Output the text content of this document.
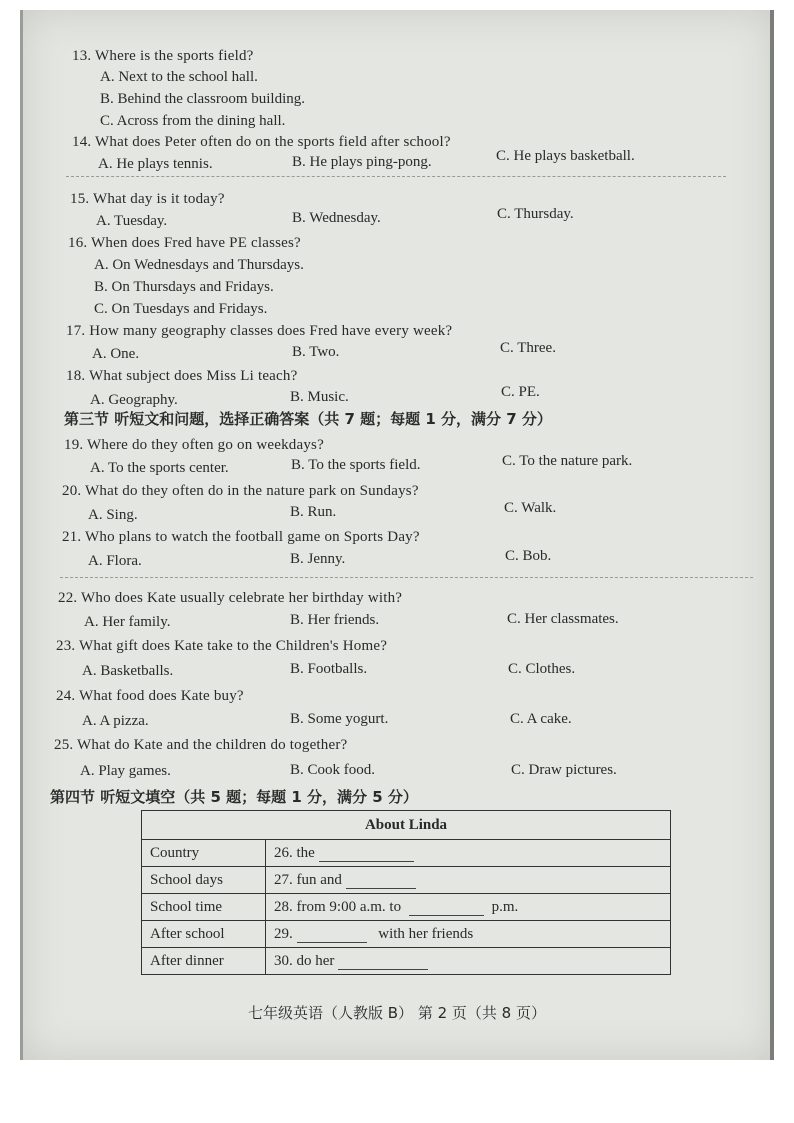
13. Where is the sports field?
A. Next to the school hall.
B. Behind the classroom building.
C. Across from the dining hall.
14. What does Peter often do on the sports field after school?
A. He plays tennis.	B. He plays ping-pong.	C. He plays basketball.
15. What day is it today?
A. Tuesday.	B. Wednesday.	C. Thursday.
16. When does Fred have PE classes?
A. On Wednesdays and Thursdays.
B. On Thursdays and Fridays.
C. On Tuesdays and Fridays.
17. How many geography classes does Fred have every week?
A. One.	B. Two.	C. Three.
18. What subject does Miss Li teach?
A. Geography.	B. Music.	C. PE.
第三节 听短文和问题，选择正确答案（共 7 题；每题 1 分，满分 7 分）
19. Where do they often go on weekdays?
A. To the sports center.	B. To the sports field.	C. To the nature park.
20. What do they often do in the nature park on Sundays?
A. Sing.	B. Run.	C. Walk.
21. Who plans to watch the football game on Sports Day?
A. Flora.	B. Jenny.	C. Bob.
22. Who does Kate usually celebrate her birthday with?
A. Her family.	B. Her friends.	C. Her classmates.
23. What gift does Kate take to the Children's Home?
A. Basketballs.	B. Footballs.	C. Clothes.
24. What food does Kate buy?
A. A pizza.	B. Some yogurt.	C. A cake.
25. What do Kate and the children do together?
A. Play games.	B. Cook food.	C. Draw pictures.
第四节 听短文填空（共 5 题；每题 1 分，满分 5 分）
About Linda	
Country	26. the
School days	27. fun and
School time	28. from 9:00 a.m. to p.m.
After school	29. with her friends
After dinner	30. do her
七年级英语（人教版 B） 第 2 页（共 8 页）
